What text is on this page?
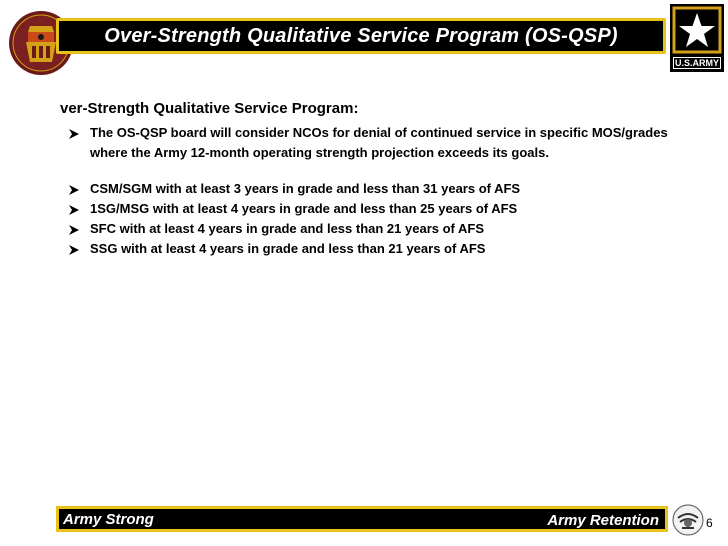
Over-Strength Qualitative Service Program (OS-QSP)
U.S.ARMY
ver-Strength Qualitative Service Program:
The OS-QSP board will consider NCOs for denial of continued service in specific MOS/grades where the Army 12-month operating strength projection exceeds its goals.
CSM/SGM with at least 3 years in grade and less than 31 years of AFS
1SG/MSG with at least 4 years in grade and less than 25 years of AFS
SFC with at least 4 years in grade and less than 21 years of AFS
SSG with at least 4 years in grade and less than 21 years of AFS
Army Strong	Army Retention	6
